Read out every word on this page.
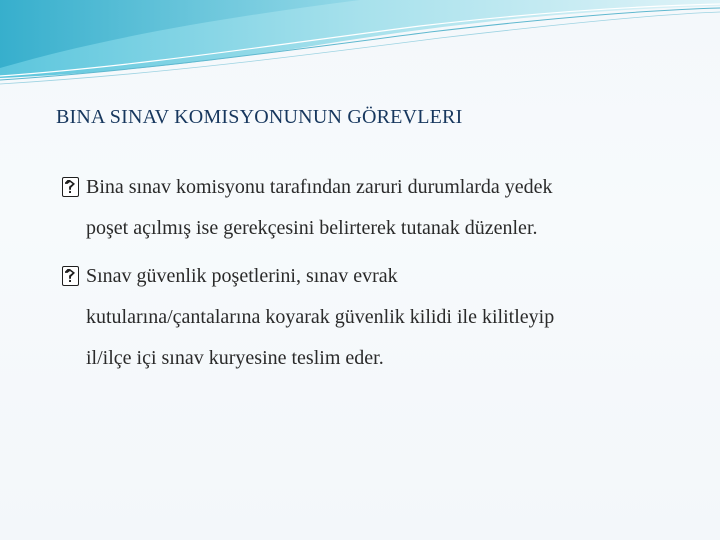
BINA SINAV KOMISYONUNUN GÖREVLERI
Bina sınav komisyonu tarafından zaruri durumlarda yedek
poşet açılmış ise gerekçesini belirterek tutanak düzenler.
Sınav güvenlik poşetlerini, sınav evrak
kutularına/çantalarına koyarak güvenlik kilidi ile kilitleyip
il/ilçe içi sınav kuryesine teslim eder.
